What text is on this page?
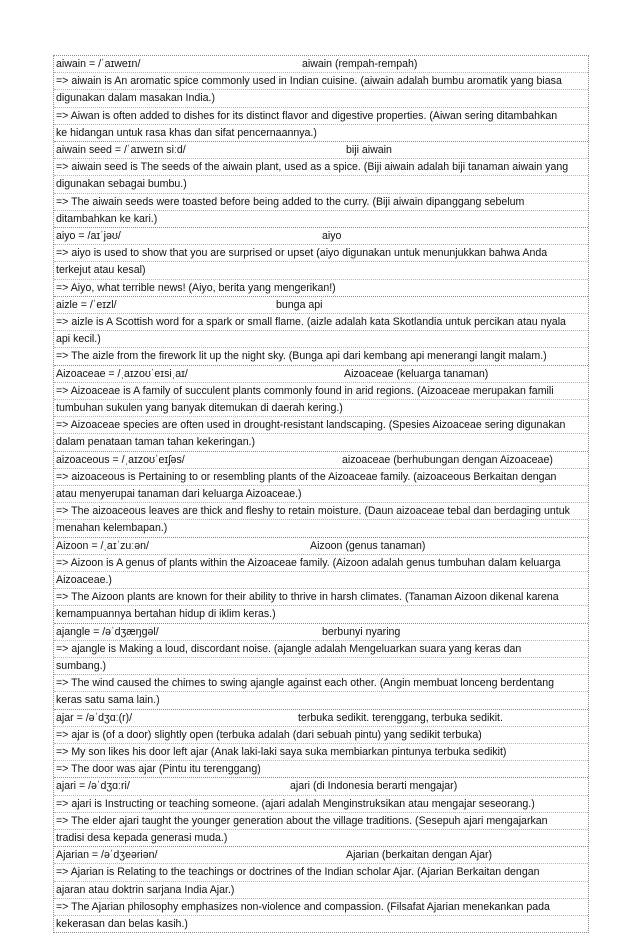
aiwain = /ˈaɪweɪn/	aiwain (rempah-rempah)
=> aiwain is An aromatic spice commonly used in Indian cuisine. (aiwain adalah bumbu aromatik yang biasa
digunakan dalam masakan India.)
=> Aiwan is often added to dishes for its distinct flavor and digestive properties. (Aiwan sering ditambahkan
ke hidangan untuk rasa khas dan sifat pencernaannya.)
aiwain seed = /ˈaɪweɪn siːd/	biji aiwain
=> aiwain seed is The seeds of the aiwain plant, used as a spice. (Biji aiwain adalah biji tanaman aiwain yang
digunakan sebagai bumbu.)
=> The aiwain seeds were toasted before being added to the curry. (Biji aiwain dipanggang sebelum
ditambahkan ke kari.)
aiyo = /aɪˈjəʊ/	aiyo
=> aiyo is used to show that you are surprised or upset (aiyo digunakan untuk menunjukkan bahwa Anda
terkejut atau kesal)
=> Aiyo, what terrible news! (Aiyo, berita yang mengerikan!)
aizle = /ˈeɪzl/	bunga api
=> aizle is A Scottish word for a spark or small flame. (aizle adalah kata Skotlandia untuk percikan atau nyala
api kecil.)
=> The aizle from the firework lit up the night sky. (Bunga api dari kembang api menerangi langit malam.)
Aizoaceae = /ˌaɪzoʊˈeɪsiˌaɪ/	Aizoaceae (keluarga tanaman)
=> Aizoaceae is A family of succulent plants commonly found in arid regions. (Aizoaceae merupakan famili
tumbuhan sukulen yang banyak ditemukan di daerah kering.)
=> Aizoaceae species are often used in drought-resistant landscaping. (Spesies Aizoaceae sering digunakan
dalam penataan taman tahan kekeringan.)
aizoaceous = /ˌaɪzoʊˈeɪʃəs/	aizoaceae (berhubungan dengan Aizoaceae)
=> aizoaceous is Pertaining to or resembling plants of the Aizoaceae family. (aizoaceous Berkaitan dengan
atau menyerupai tanaman dari keluarga Aizoaceae.)
=> The aizoaceous leaves are thick and fleshy to retain moisture. (Daun aizoaceae tebal dan berdaging untuk
menahan kelembapan.)
Aizoon = /ˌaɪˈzuːən/	Aizoon (genus tanaman)
=> Aizoon is A genus of plants within the Aizoaceae family. (Aizoon adalah genus tumbuhan dalam keluarga
Aizoaceae.)
=> The Aizoon plants are known for their ability to thrive in harsh climates. (Tanaman Aizoon dikenal karena
kemampuannya bertahan hidup di iklim keras.)
ajangle = /əˈdʒæŋɡəl/	berbunyi nyaring
=> ajangle is Making a loud, discordant noise. (ajangle adalah Mengeluarkan suara yang keras dan
sumbang.)
=> The wind caused the chimes to swing ajangle against each other. (Angin membuat lonceng berdentang
keras satu sama lain.)
ajar = /əˈdʒɑː(r)/	terbuka sedikit. terenggang, terbuka sedikit.
=> ajar is (of a door) slightly open (terbuka adalah (dari sebuah pintu) yang sedikit terbuka)
=> My son likes his door left ajar (Anak laki-laki saya suka membiarkan pintunya terbuka sedikit)
=> The door was ajar (Pintu itu terenggang)
ajari = /əˈdʒɑːri/	ajari (di Indonesia berarti mengajar)
=> ajari is Instructing or teaching someone. (ajari adalah Menginstruksikan atau mengajar seseorang.)
=> The elder ajari taught the younger generation about the village traditions. (Sesepuh ajari mengajarkan
tradisi desa kepada generasi muda.)
Ajarian = /əˈdʒeəriən/	Ajarian (berkaitan dengan Ajar)
=> Ajarian is Relating to the teachings or doctrines of the Indian scholar Ajar. (Ajarian Berkaitan dengan
ajaran atau doktrin sarjana India Ajar.)
=> The Ajarian philosophy emphasizes non-violence and compassion. (Filsafat Ajarian menekankan pada
kekerasan dan belas kasih.)
